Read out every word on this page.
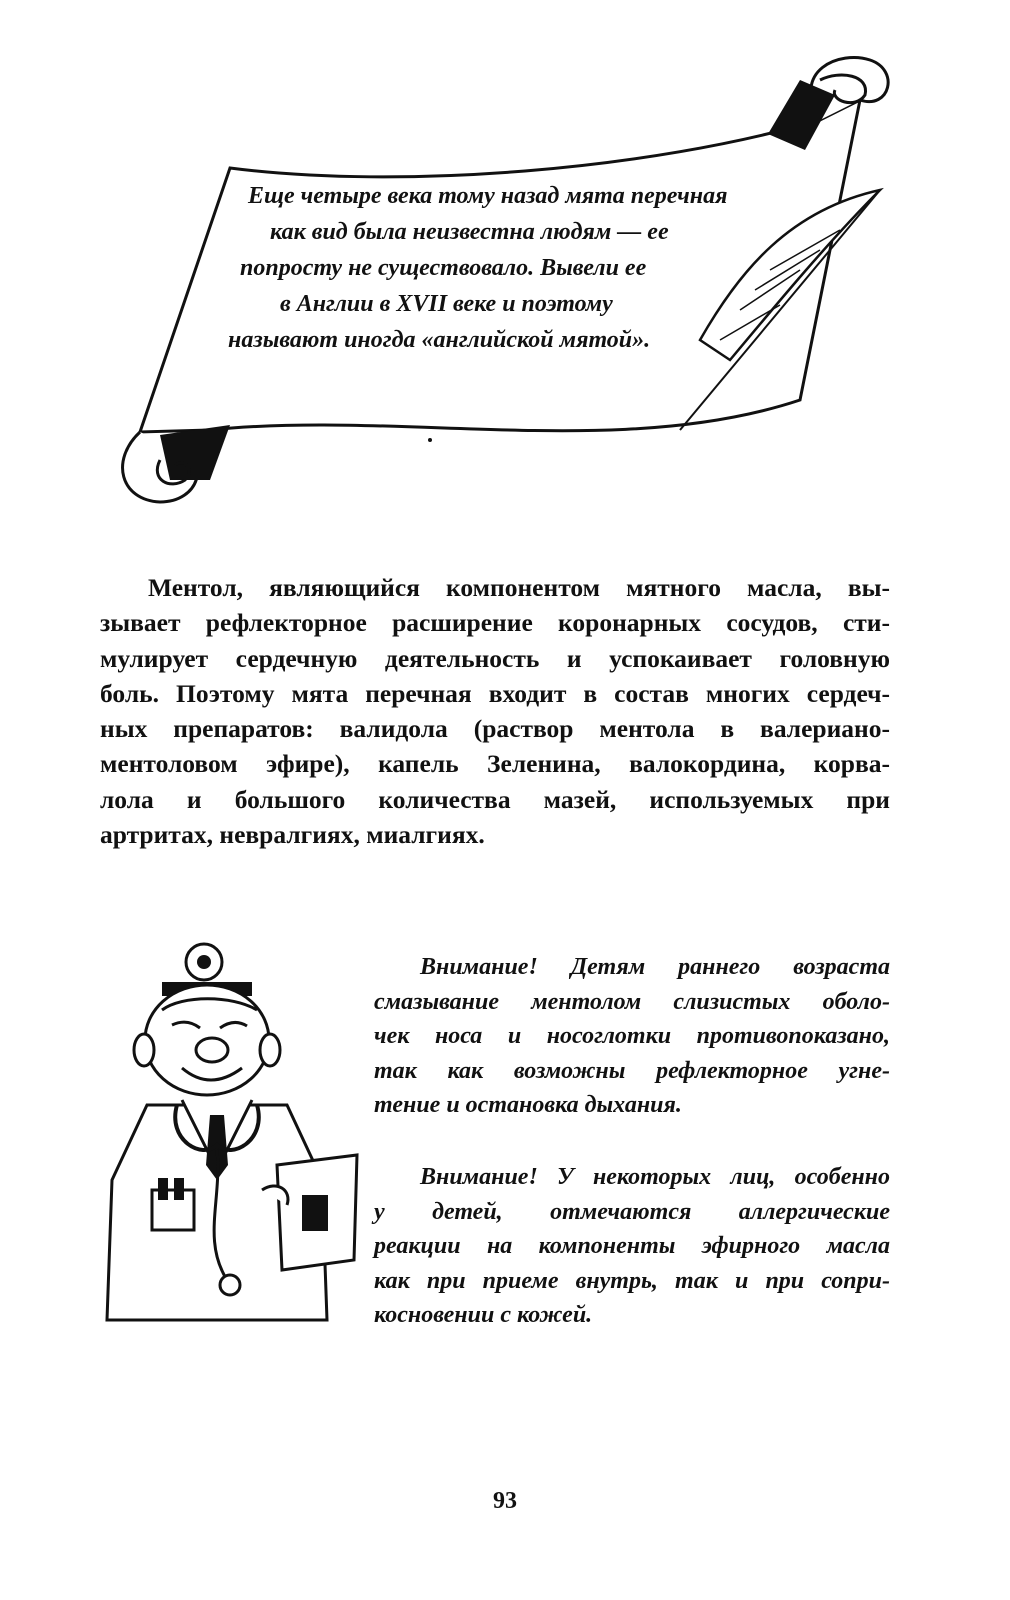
Еще четыре века тому назад мята перечная
как вид была неизвестна людям — ее
попросту не существовало. Вывели ее
в Англии в XVII веке и поэтому
называют иногда «английской мятой».
Ментол, являющийся компонентом мятного масла, вы-
зывает рефлекторное расширение коронарных сосудов, сти-
мулирует сердечную деятельность и успокаивает головную
боль. Поэтому мята перечная входит в состав многих сердеч-
ных препаратов: валидола (раствор ментола в валериано-
ментоловом эфире), капель Зеленина, валокордина, корва-
лола и большого количества мазей, используемых при
артритах, невралгиях, миалгиях.
Внимание! Детям раннего возраста
смазывание ментолом слизистых оболо-
чек носа и носоглотки противопоказано,
так как возможны рефлекторное угне-
тение и остановка дыхания.
Внимание! У некоторых лиц, особенно
у детей, отмечаются аллергические
реакции на компоненты эфирного масла
как при приеме внутрь, так и при сопри-
косновении с кожей.
93
